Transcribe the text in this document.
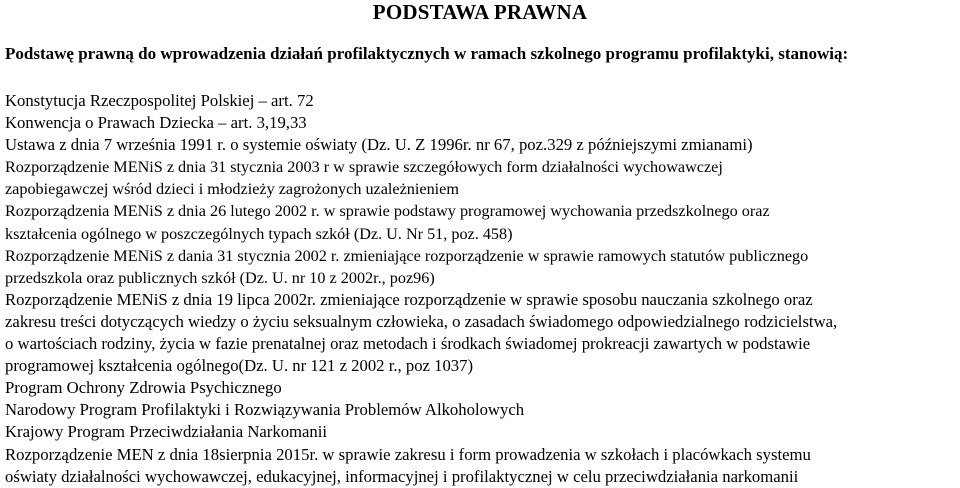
PODSTAWA PRAWNA
Podstawę prawną do wprowadzenia działań profilaktycznych w ramach szkolnego programu profilaktyki, stanowią:
Konstytucja Rzeczpospolitej Polskiej – art. 72
Konwencja o Prawach Dziecka – art. 3,19,33
Ustawa z dnia 7 września 1991 r. o systemie oświaty (Dz. U. Z 1996r. nr 67, poz.329 z późniejszymi zmianami)
Rozporządzenie MENiS z dnia 31 stycznia 2003 r w sprawie szczegółowych form działalności wychowawczej
zapobiegawczej wśród dzieci i młodzieży zagrożonych uzależnieniem
Rozporządzenia MENiS z dnia 26 lutego 2002 r. w sprawie podstawy programowej wychowania przedszkolnego oraz
kształcenia ogólnego w poszczególnych typach szkół (Dz. U. Nr 51, poz. 458)
Rozporządzenie MENiS z dania 31 stycznia 2002 r. zmieniające rozporządzenie w sprawie ramowych statutów publicznego
przedszkola oraz publicznych szkół (Dz. U. nr 10 z 2002r., poz96)
Rozporządzenie MENiS z dnia 19 lipca 2002r. zmieniające rozporządzenie w sprawie sposobu nauczania szkolnego oraz
zakresu treści dotyczących wiedzy o życiu seksualnym człowieka, o zasadach świadomego odpowiedzialnego rodzicielstwa,
o wartościach rodziny, życia w fazie prenatalnej oraz metodach i środkach świadomej prokreacji zawartych w podstawie
programowej kształcenia ogólnego(Dz. U. nr 121 z 2002 r., poz 1037)
Program Ochrony Zdrowia Psychicznego
Narodowy Program Profilaktyki i Rozwiązywania Problemów Alkoholowych
Krajowy Program Przeciwdziałania Narkomanii
Rozporządzenie MEN z dnia 18sierpnia 2015r. w sprawie zakresu i form prowadzenia w szkołach i placówkach systemu
oświaty działalności wychowawczej, edukacyjnej, informacyjnej i profilaktycznej w celu przeciwdziałania narkomanii
